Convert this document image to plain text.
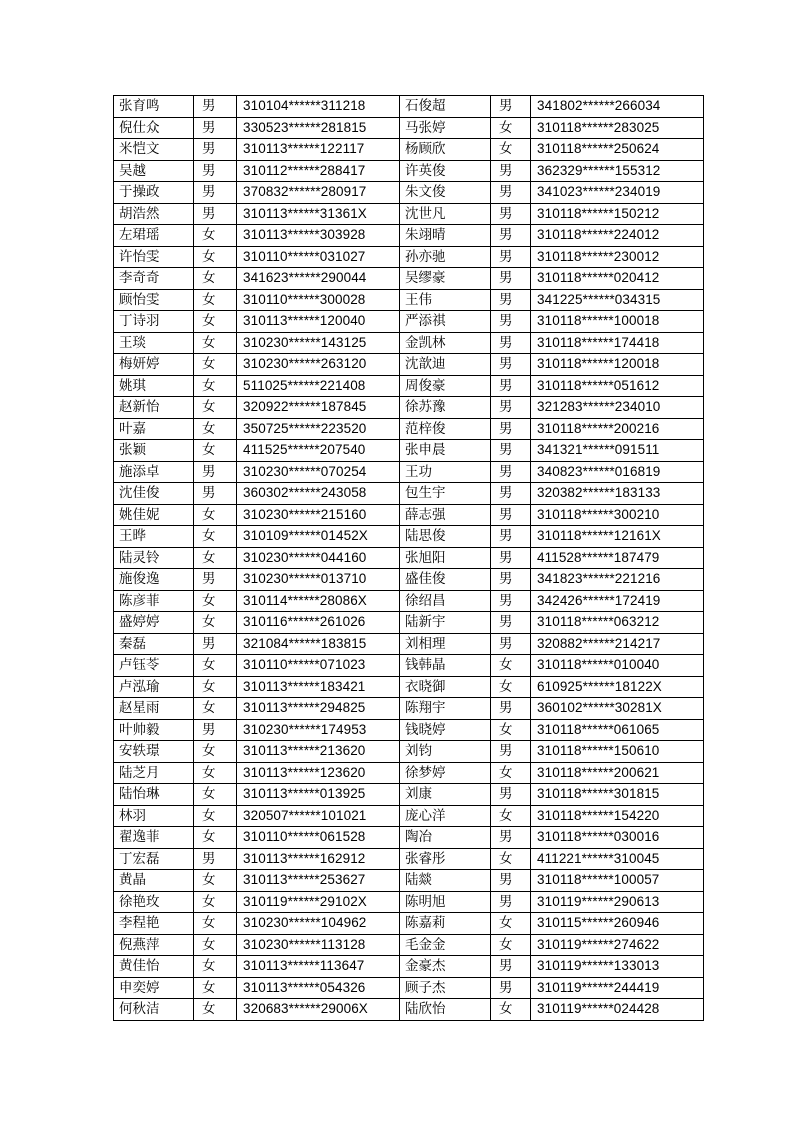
张育鸣	男	310104******311218	石俊超	男	341802******266034
倪仕众	男	330523******281815	马张婷	女	310118******283025
米恺文	男	310113******122117	杨顾欣	女	310118******250624
吴越	男	310112******288417	许英俊	男	362329******155312
于操政	男	370832******280917	朱文俊	男	341023******234019
胡浩然	男	310113******31361X	沈世凡	男	310118******150212
左珺瑶	女	310113******303928	朱翊晴	男	310118******224012
许怡雯	女	310110******031027	孙亦驰	男	310118******230012
李奇奇	女	341623******290044	吴缪豪	男	310118******020412
顾怡雯	女	310110******300028	王伟	男	341225******034315
丁诗羽	女	310113******120040	严添祺	男	310118******100018
王琰	女	310230******143125	金凯林	男	310118******174418
梅妍婷	女	310230******263120	沈歆迪	男	310118******120018
姚琪	女	511025******221408	周俊豪	男	310118******051612
赵新怡	女	320922******187845	徐苏豫	男	321283******234010
叶嘉	女	350725******223520	范梓俊	男	310118******200216
张颖	女	411525******207540	张申晨	男	341321******091511
施添卓	男	310230******070254	王功	男	340823******016819
沈佳俊	男	360302******243058	包生宇	男	320382******183133
姚佳妮	女	310230******215160	薛志强	男	310118******300210
王晔	女	310109******01452X	陆思俊	男	310118******12161X
陆灵铃	女	310230******044160	张旭阳	男	411528******187479
施俊逸	男	310230******013710	盛佳俊	男	341823******221216
陈彦菲	女	310114******28086X	徐绍昌	男	342426******172419
盛婷婷	女	310116******261026	陆新宇	男	310118******063212
秦磊	男	321084******183815	刘相理	男	320882******214217
卢钰苓	女	310110******071023	钱韩晶	女	310118******010040
卢泓瑜	女	310113******183421	衣晓御	女	610925******18122X
赵星雨	女	310113******294825	陈翔宇	男	360102******30281X
叶帅毅	男	310230******174953	钱晓婷	女	310118******061065
安轶璟	女	310113******213620	刘钧	男	310118******150610
陆芝月	女	310113******123620	徐梦婷	女	310118******200621
陆怡琳	女	310113******013925	刘康	男	310118******301815
林羽	女	320507******101021	庞心洋	女	310118******154220
翟逸菲	女	310110******061528	陶冶	男	310118******030016
丁宏磊	男	310113******162912	张睿彤	女	411221******310045
黄晶	女	310113******253627	陆燚	男	310118******100057
徐艳玫	女	310119******29102X	陈明旭	男	310119******290613
李程艳	女	310230******104962	陈嘉莉	女	310115******260946
倪燕萍	女	310230******113128	毛金金	女	310119******274622
黄佳怡	女	310113******113647	金豪杰	男	310119******133013
申奕婷	女	310113******054326	顾子杰	男	310119******244419
何秋洁	女	320683******29006X	陆欣怡	女	310119******024428
